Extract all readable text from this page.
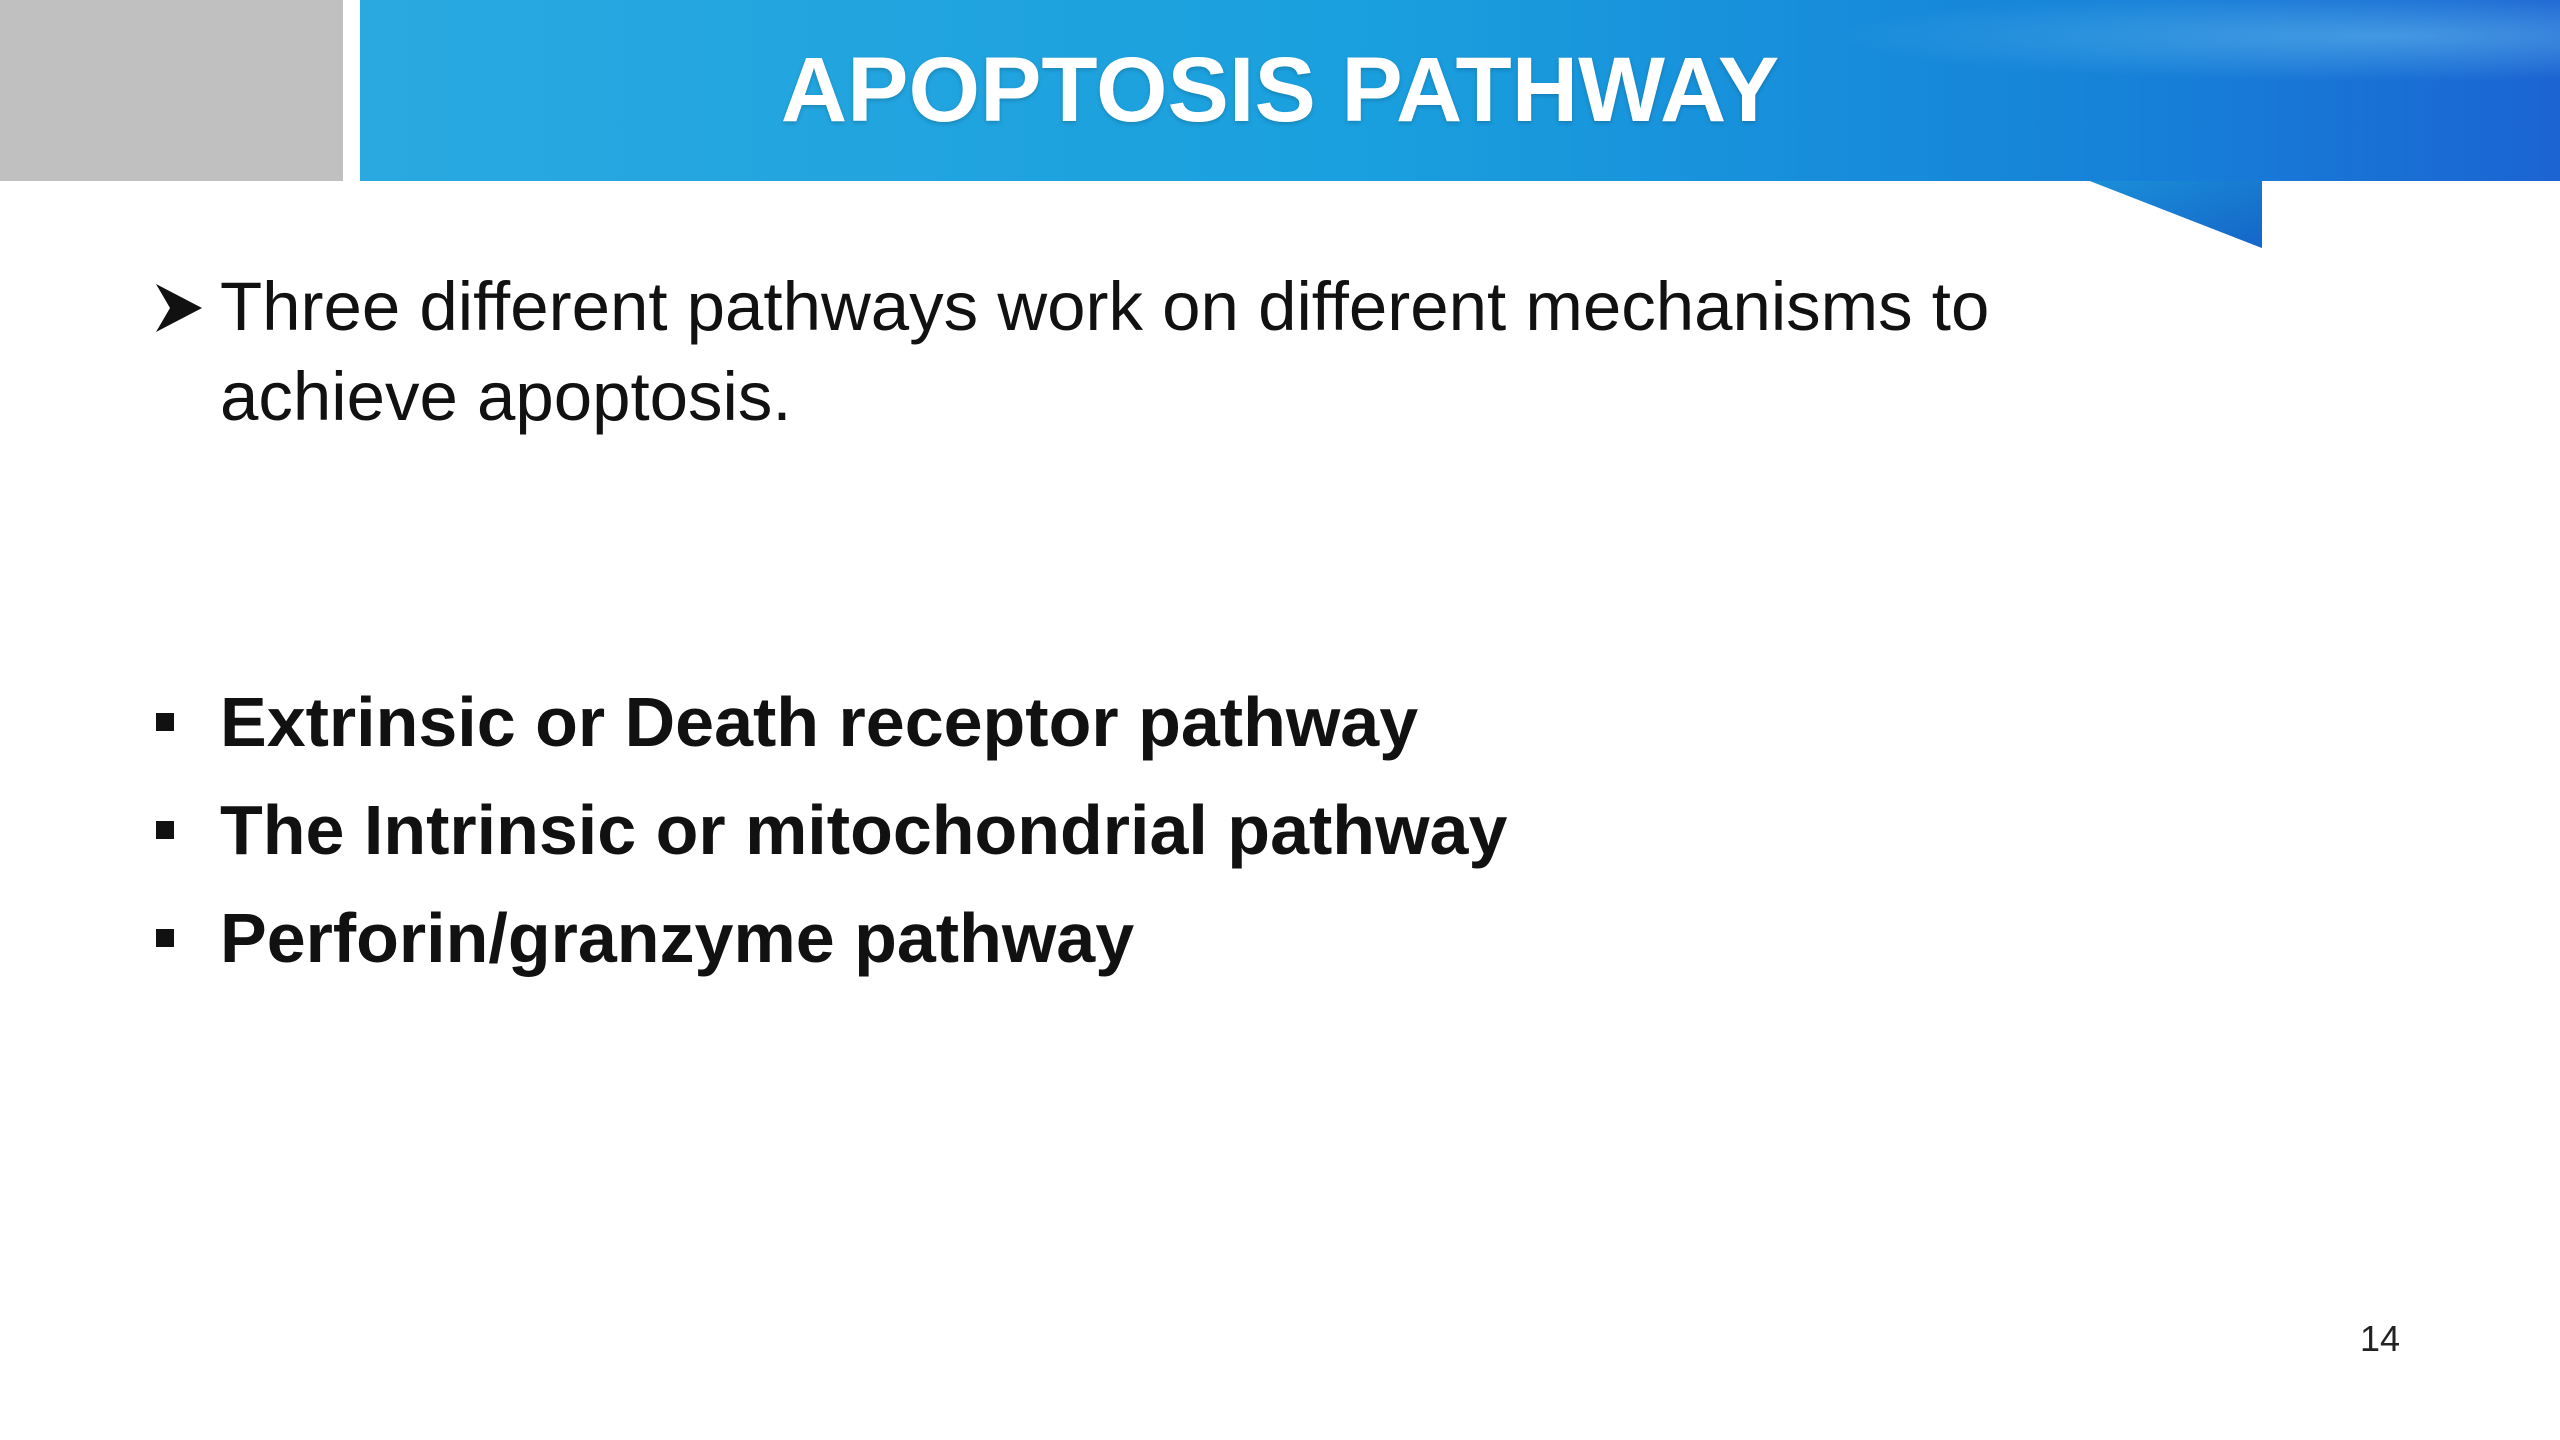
APOPTOSIS PATHWAY
Three different pathways work on different mechanisms to achieve apoptosis.
Extrinsic or Death receptor pathway
The Intrinsic or mitochondrial pathway
Perforin/granzyme pathway
14
